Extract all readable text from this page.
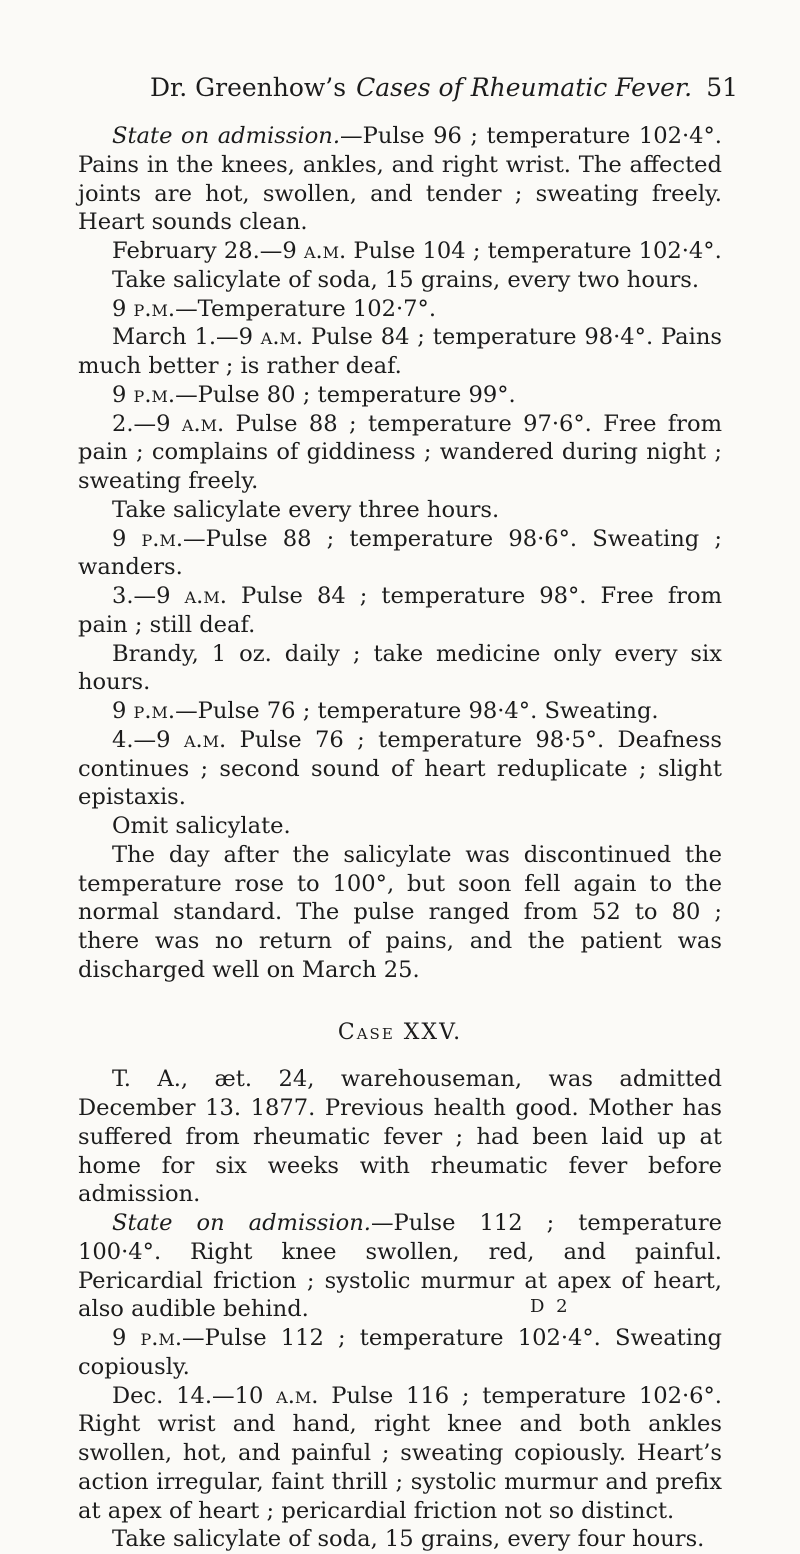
Dr. Greenhow’s Cases of Rheumatic Fever. 51

State on admission.—Pulse 96 ; temperature 102·4°. Pains in the knees, ankles, and right wrist. The affected joints are hot, swollen, and tender ; sweating freely. Heart sounds clean.

February 28.—9 a.m. Pulse 104 ; temperature 102·4°.

Take salicylate of soda, 15 grains, every two hours.

9 p.m.—Temperature 102·7°.

March 1.—9 a.m. Pulse 84 ; temperature 98·4°. Pains much better ; is rather deaf.

9 p.m.—Pulse 80 ; temperature 99°.

2.—9 a.m. Pulse 88 ; temperature 97·6°. Free from pain ; complains of giddiness ; wandered during night ; sweating freely.

Take salicylate every three hours.

9 p.m.—Pulse 88 ; temperature 98·6°. Sweating ; wanders.

3.—9 a.m. Pulse 84 ; temperature 98°. Free from pain ; still deaf.

Brandy, 1 oz. daily ; take medicine only every six hours.

9 p.m.—Pulse 76 ; temperature 98·4°. Sweating.

4.—9 a.m. Pulse 76 ; temperature 98·5°. Deafness continues ; second sound of heart reduplicate ; slight epistaxis.

Omit salicylate.

The day after the salicylate was discontinued the temperature rose to 100°, but soon fell again to the normal standard. The pulse ranged from 52 to 80 ; there was no return of pains, and the patient was discharged well on March 25.

Case XXV.

T. A., æt. 24, warehouseman, was admitted December 13. 1877. Previous health good. Mother has suffered from rheumatic fever ; had been laid up at home for six weeks with rheumatic fever before admission.

State on admission.—Pulse 112 ; temperature 100·4°. Right knee swollen, red, and painful. Pericardial friction ; systolic murmur at apex of heart, also audible behind.

9 p.m.—Pulse 112 ; temperature 102·4°. Sweating copiously.

Dec. 14.—10 a.m. Pulse 116 ; temperature 102·6°. Right wrist and hand, right knee and both ankles swollen, hot, and painful ; sweating copiously. Heart’s action irregular, faint thrill ; systolic murmur and prefix at apex of heart ; pericardial friction not so distinct.

Take salicylate of soda, 15 grains, every four hours.

D 2
